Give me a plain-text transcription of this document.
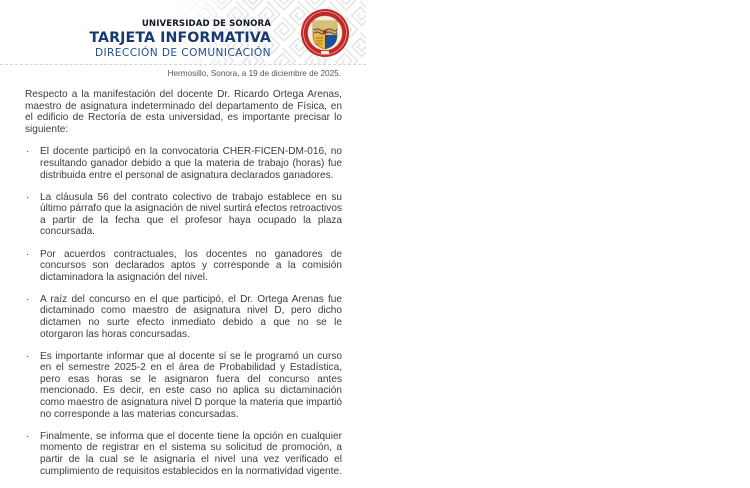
UNIVERSIDAD DE SONORA
TARJETA INFORMATIVA
DIRECCIÓN DE COMUNICACIÓN
Hermosillo, Sonora, a 19 de diciembre de 2025.

Respecto a la manifestación del docente Dr. Ricardo Ortega Arenas, maestro de asignatura indeterminado del departamento de Física, en el edificio de Rectoría de esta universidad, es importante precisar lo siguiente:

· El docente participó en la convocatoria CHER-FICEN-DM-016, no resultando ganador debido a que la materia de trabajo (horas) fue distribuida entre el personal de asignatura declarados ganadores.
· La cláusula 56 del contrato colectivo de trabajo establece en su último párrafo que la asignación de nivel surtirá efectos retroactivos a partir de la fecha que el profesor haya ocupado la plaza concursada.
· Por acuerdos contractuales, los docentes no ganadores de concursos son declarados aptos y corresponde a la comisión dictaminadora la asignación del nivel.
· A raíz del concurso en el que participó, el Dr. Ortega Arenas fue dictaminado como maestro de asignatura nivel D, pero dicho dictamen no surte efecto inmediato debido a que no se le otorgaron las horas concursadas.
· Es importante informar que al docente sí se le programó un curso en el semestre 2025-2 en el área de Probabilidad y Estadística, pero esas horas se le asignaron fuera del concurso antes mencionado. Es decir, en este caso no aplica su dictaminación como maestro de asignatura nivel D porque la materia que impartió no corresponde a las materias concursadas.
· Finalmente, se informa que el docente tiene la opción en cualquier momento de registrar en el sistema su solicitud de promoción, a partir de la cual se le asignaría el nivel una vez verificado el cumplimiento de requisitos establecidos en la normatividad vigente.
